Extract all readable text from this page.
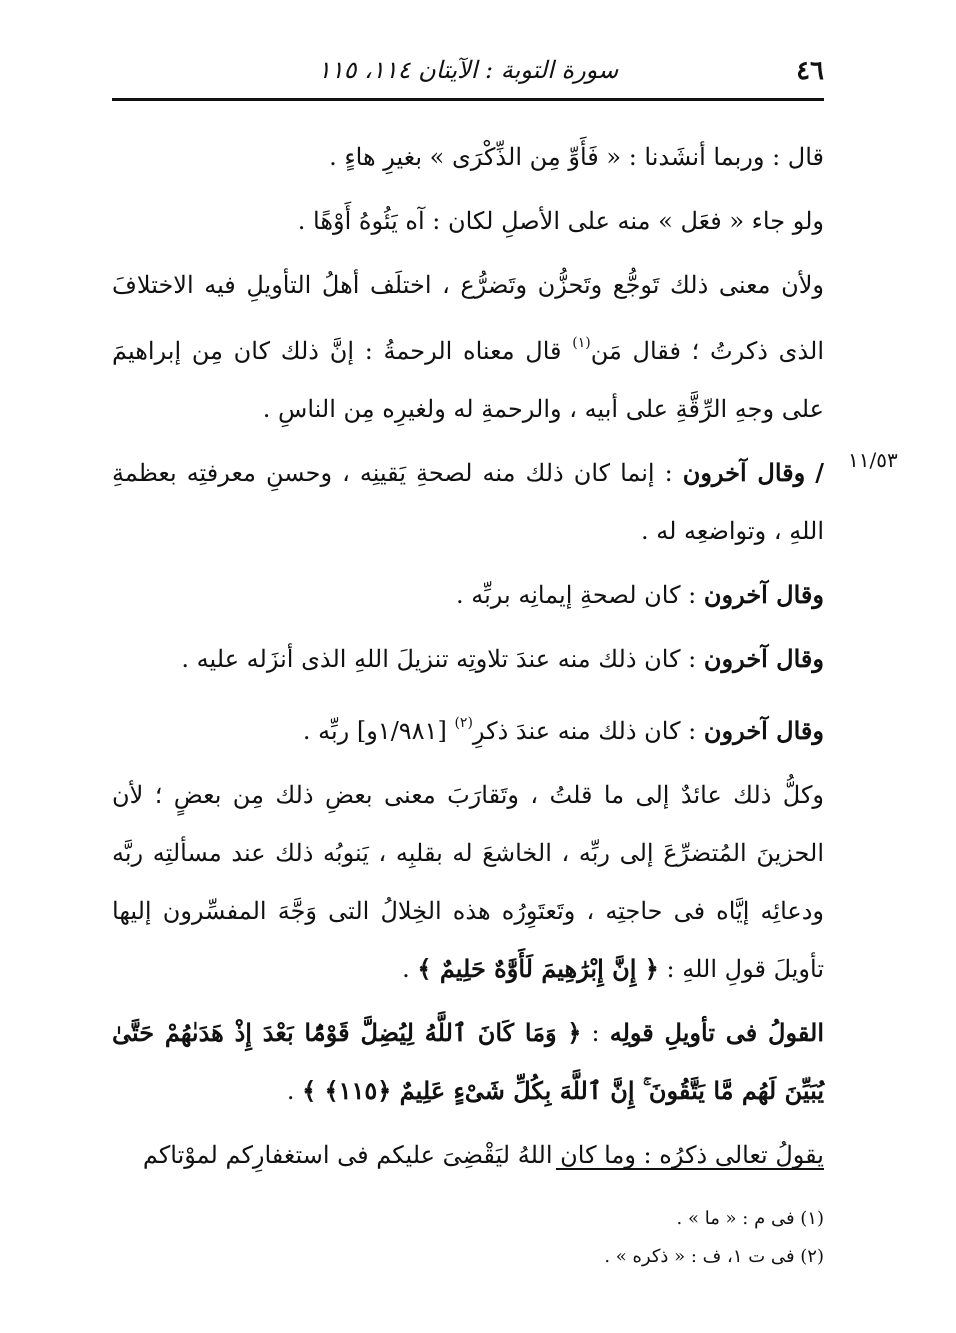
٤٦
سورة التوبة : الآيتان ١١٤، ١١٥
١١/٥٣

قال : وربما أنشَدنا : « فَأَوِّ مِن الذِّكْرَى » بغيرِ هاءٍ .

ولو جاء « فعَل » منه على الأصلِ لكان : آه يَئُوهُ أَوْهًا .

ولأن معنى ذلك تَوجُّع وتَحزُّن وتَضرُّع ، اختلَف أهلُ التأويلِ فيه الاختلافَ الذى ذكرتُ ؛ فقال مَن$^{(١)}$ قال معناه الرحمةُ : إنَّ ذلك كان مِن إبراهيمَ على وجهِ الرِّقَّةِ على أبيه ، والرحمةِ له ولغيرِه مِن الناسِ .

/ وقال آخرون : إنما كان ذلك منه لصحةِ يَقينِه ، وحسنِ معرفتِه بعظمةِ اللهِ ، وتواضعِه له .

وقال آخرون : كان لصحةِ إيمانِه بربِّه .

وقال آخرون : كان ذلك منه عندَ تلاوتِه تنزيلَ اللهِ الذى أنزَله عليه .

وقال آخرون : كان ذلك منه عندَ ذكرِ$^{(٢)}$ [١/٩٨١و] ربِّه .

وكلُّ ذلك عائدٌ إلى ما قلتُ ، وتَقارَبَ معنى بعضِ ذلك مِن بعضٍ ؛ لأن الحزينَ المُتضرِّعَ إلى ربِّه ، الخاشعَ له بقلبِه ، يَنوبُه ذلك عند مسألتِه ربَّه ودعائِه إيَّاه فى حاجتِه ، وتَعتَوِرُه هذه الخِلالُ التى وَجَّهَ المفسِّرون إليها تأويلَ قولِ اللهِ : ﴿ إِنَّ إِبْرَٰهِيمَ لَأَوَّٰهٌ حَلِيمٌ ﴾ .

القولُ فى تأويلِ قولِه : ﴿ وَمَا كَانَ ٱللَّهُ لِيُضِلَّ قَوْمًۢا بَعْدَ إِذْ هَدَىٰهُمْ حَتَّىٰ يُبَيِّنَ لَهُم مَّا يَتَّقُونَ ۚ إِنَّ ٱللَّهَ بِكُلِّ شَىْءٍ عَلِيمٌ ﴿١١٥﴾ ﴾ .

يقولُ تعالى ذكرُه : وما كان اللهُ ليَقْضِىَ عليكم فى استغفارِكم لموْتاكم

(١) فى م : « ما » .

(٢) فى ت ١، ف : « ذكره » .
